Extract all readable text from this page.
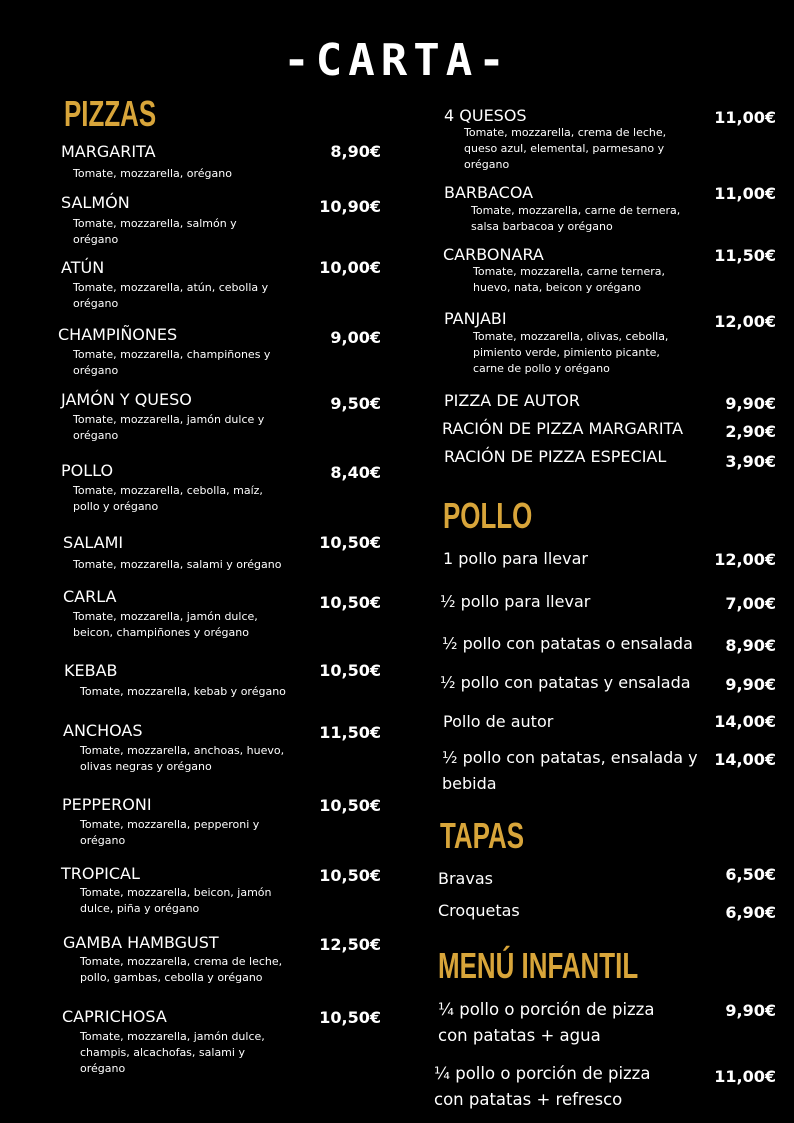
-CARTA-
PIZZAS
MARGARITA	8,90€
Tomate, mozzarella, orégano
SALMÓN	10,90€
Tomate, mozzarella, salmón y orégano
ATÚN	10,00€
Tomate, mozzarella, atún, cebolla y orégano
CHAMPIÑONES	9,00€
Tomate, mozzarella, champiñones y orégano
JAMÓN Y QUESO	9,50€
Tomate, mozzarella, jamón dulce y orégano
POLLO	8,40€
Tomate, mozzarella, cebolla, maíz, pollo y orégano
SALAMI	10,50€
Tomate, mozzarella, salami y orégano
CARLA	10,50€
Tomate, mozzarella, jamón dulce, beicon, champiñones y orégano
KEBAB	10,50€
Tomate, mozzarella, kebab y orégano
ANCHOAS	11,50€
Tomate, mozzarella, anchoas, huevo, olivas negras y orégano
PEPPERONI	10,50€
Tomate, mozzarella, pepperoni y orégano
TROPICAL	10,50€
Tomate, mozzarella, beicon, jamón dulce, piña y orégano
GAMBA HAMBGUST	12,50€
Tomate, mozzarella, crema de leche, pollo, gambas, cebolla y orégano
CAPRICHOSA	10,50€
Tomate, mozzarella, jamón dulce, champis, alcachofas, salami y orégano
4 QUESOS	11,00€
Tomate, mozzarella, crema de leche, queso azul, elemental, parmesano y orégano
BARBACOA	11,00€
Tomate, mozzarella, carne de ternera, salsa barbacoa y orégano
CARBONARA	11,50€
Tomate, mozzarella, carne ternera, huevo, nata, beicon y orégano
PANJABI	12,00€
Tomate, mozzarella, olivas, cebolla, pimiento verde, pimiento picante, carne de pollo y orégano
PIZZA DE AUTOR	9,90€
RACIÓN DE PIZZA MARGARITA	2,90€
RACIÓN DE PIZZA ESPECIAL	3,90€
POLLO
1 pollo para llevar	12,00€
½ pollo para llevar	7,00€
½ pollo con patatas o ensalada 8,90€
½ pollo con patatas y ensalada 9,90€
Pollo de autor	14,00€
½ pollo con patatas, ensalada y bebida
14,00€
TAPAS
Bravas	6,50€
Croquetas	6,90€
MENÚ INFANTIL
¼ pollo o porción de pizza con patatas + agua
9,90€
¼ pollo o porción de pizza con patatas + refresco
11,00€
